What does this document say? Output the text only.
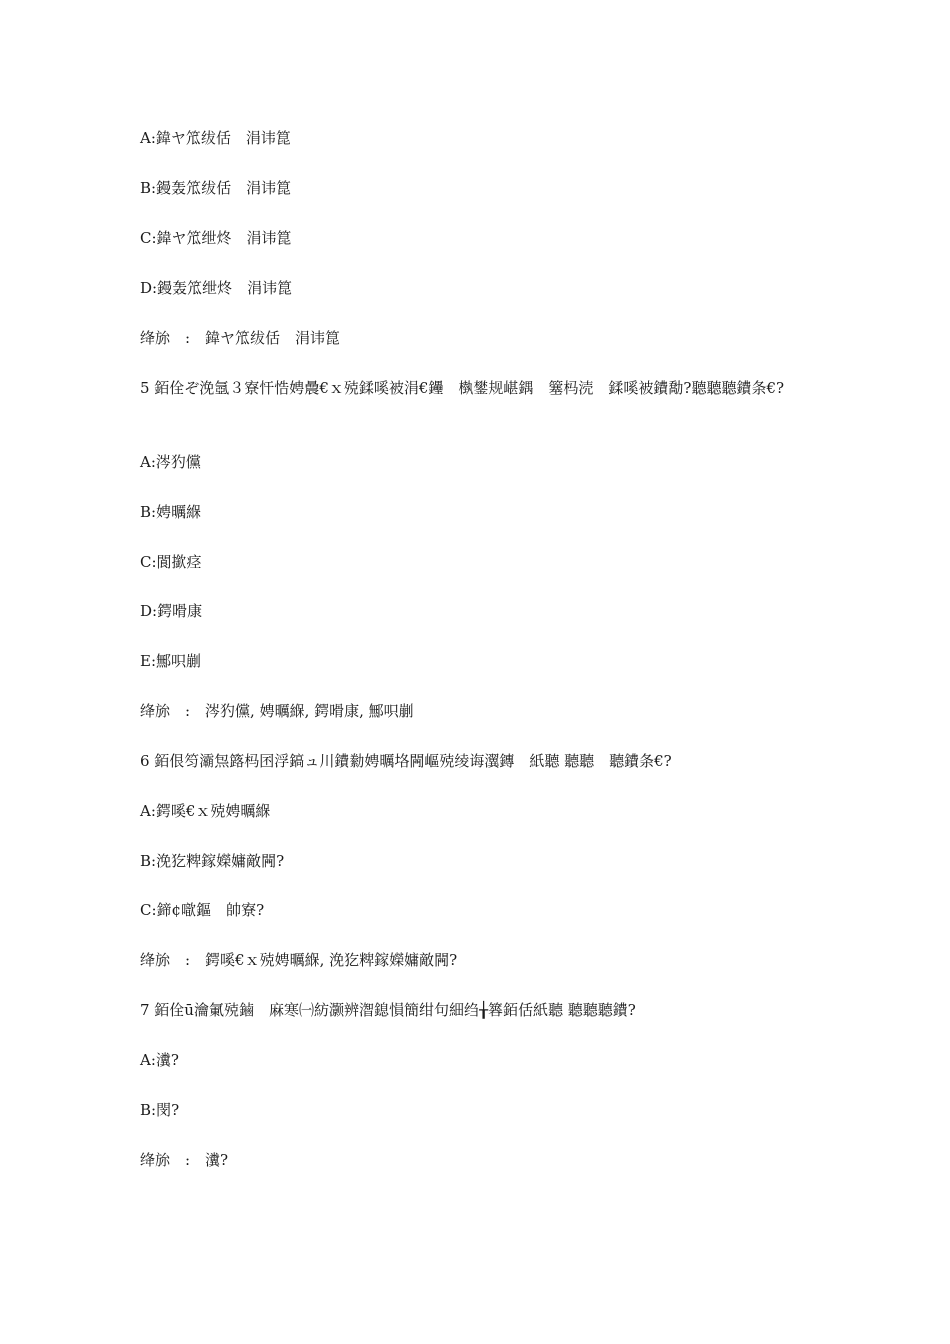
A:鍏ヤ笟绂佸　涓讳箟
B:鏝轰笟绂佸　涓讳箟
C:鍏ヤ笟绁炵　涓讳箟
D:鏝轰笟绁炵　涓讳箟
绛旀　:　鍏ヤ笟绂佸　涓讳箟
5 銆佺ぞ浼氬３寮忓悎娉曟€ｘ殑鍒嗘被涓€鑸　槸鐢规嵁鍝　簺杩涜　鍒嗘被鐨勪?聽聽聽鐨条€?
A:涔犳儻
B:娉曞緥
C:閬撳痉
D:鍔嗗康
E:鄦呮剻
绛旀　:　涔犳儻, 娉曞緥, 鍔嗗康, 鄦呮剻
6 銆佷笉灞炰簬杩囨浮鎬ュ川鐨勬娉曞垎闁嶇殑绫诲瀷鏄　紙聽 聽聽　聽鐨条€?
A:鍔嗘€ｘ殑娉曞緥
B:浼犵粺鎵嬫嫞敵闁?
C:鍗¢噷鏂　帥寮?
绛旀　:　鍔嗘€ｘ殑娉曞緥, 浼犵粺鎵嬫嫞敵闁?
7 銆佺ū瀹氭殑鏀　麻寒㈠紡灏辨潪鎴愪簡绀句細绉╁簭銆佸紙聽 聽聽聽鐨?
A:瀵?
B:閔?
绛旀　:　瀵?
